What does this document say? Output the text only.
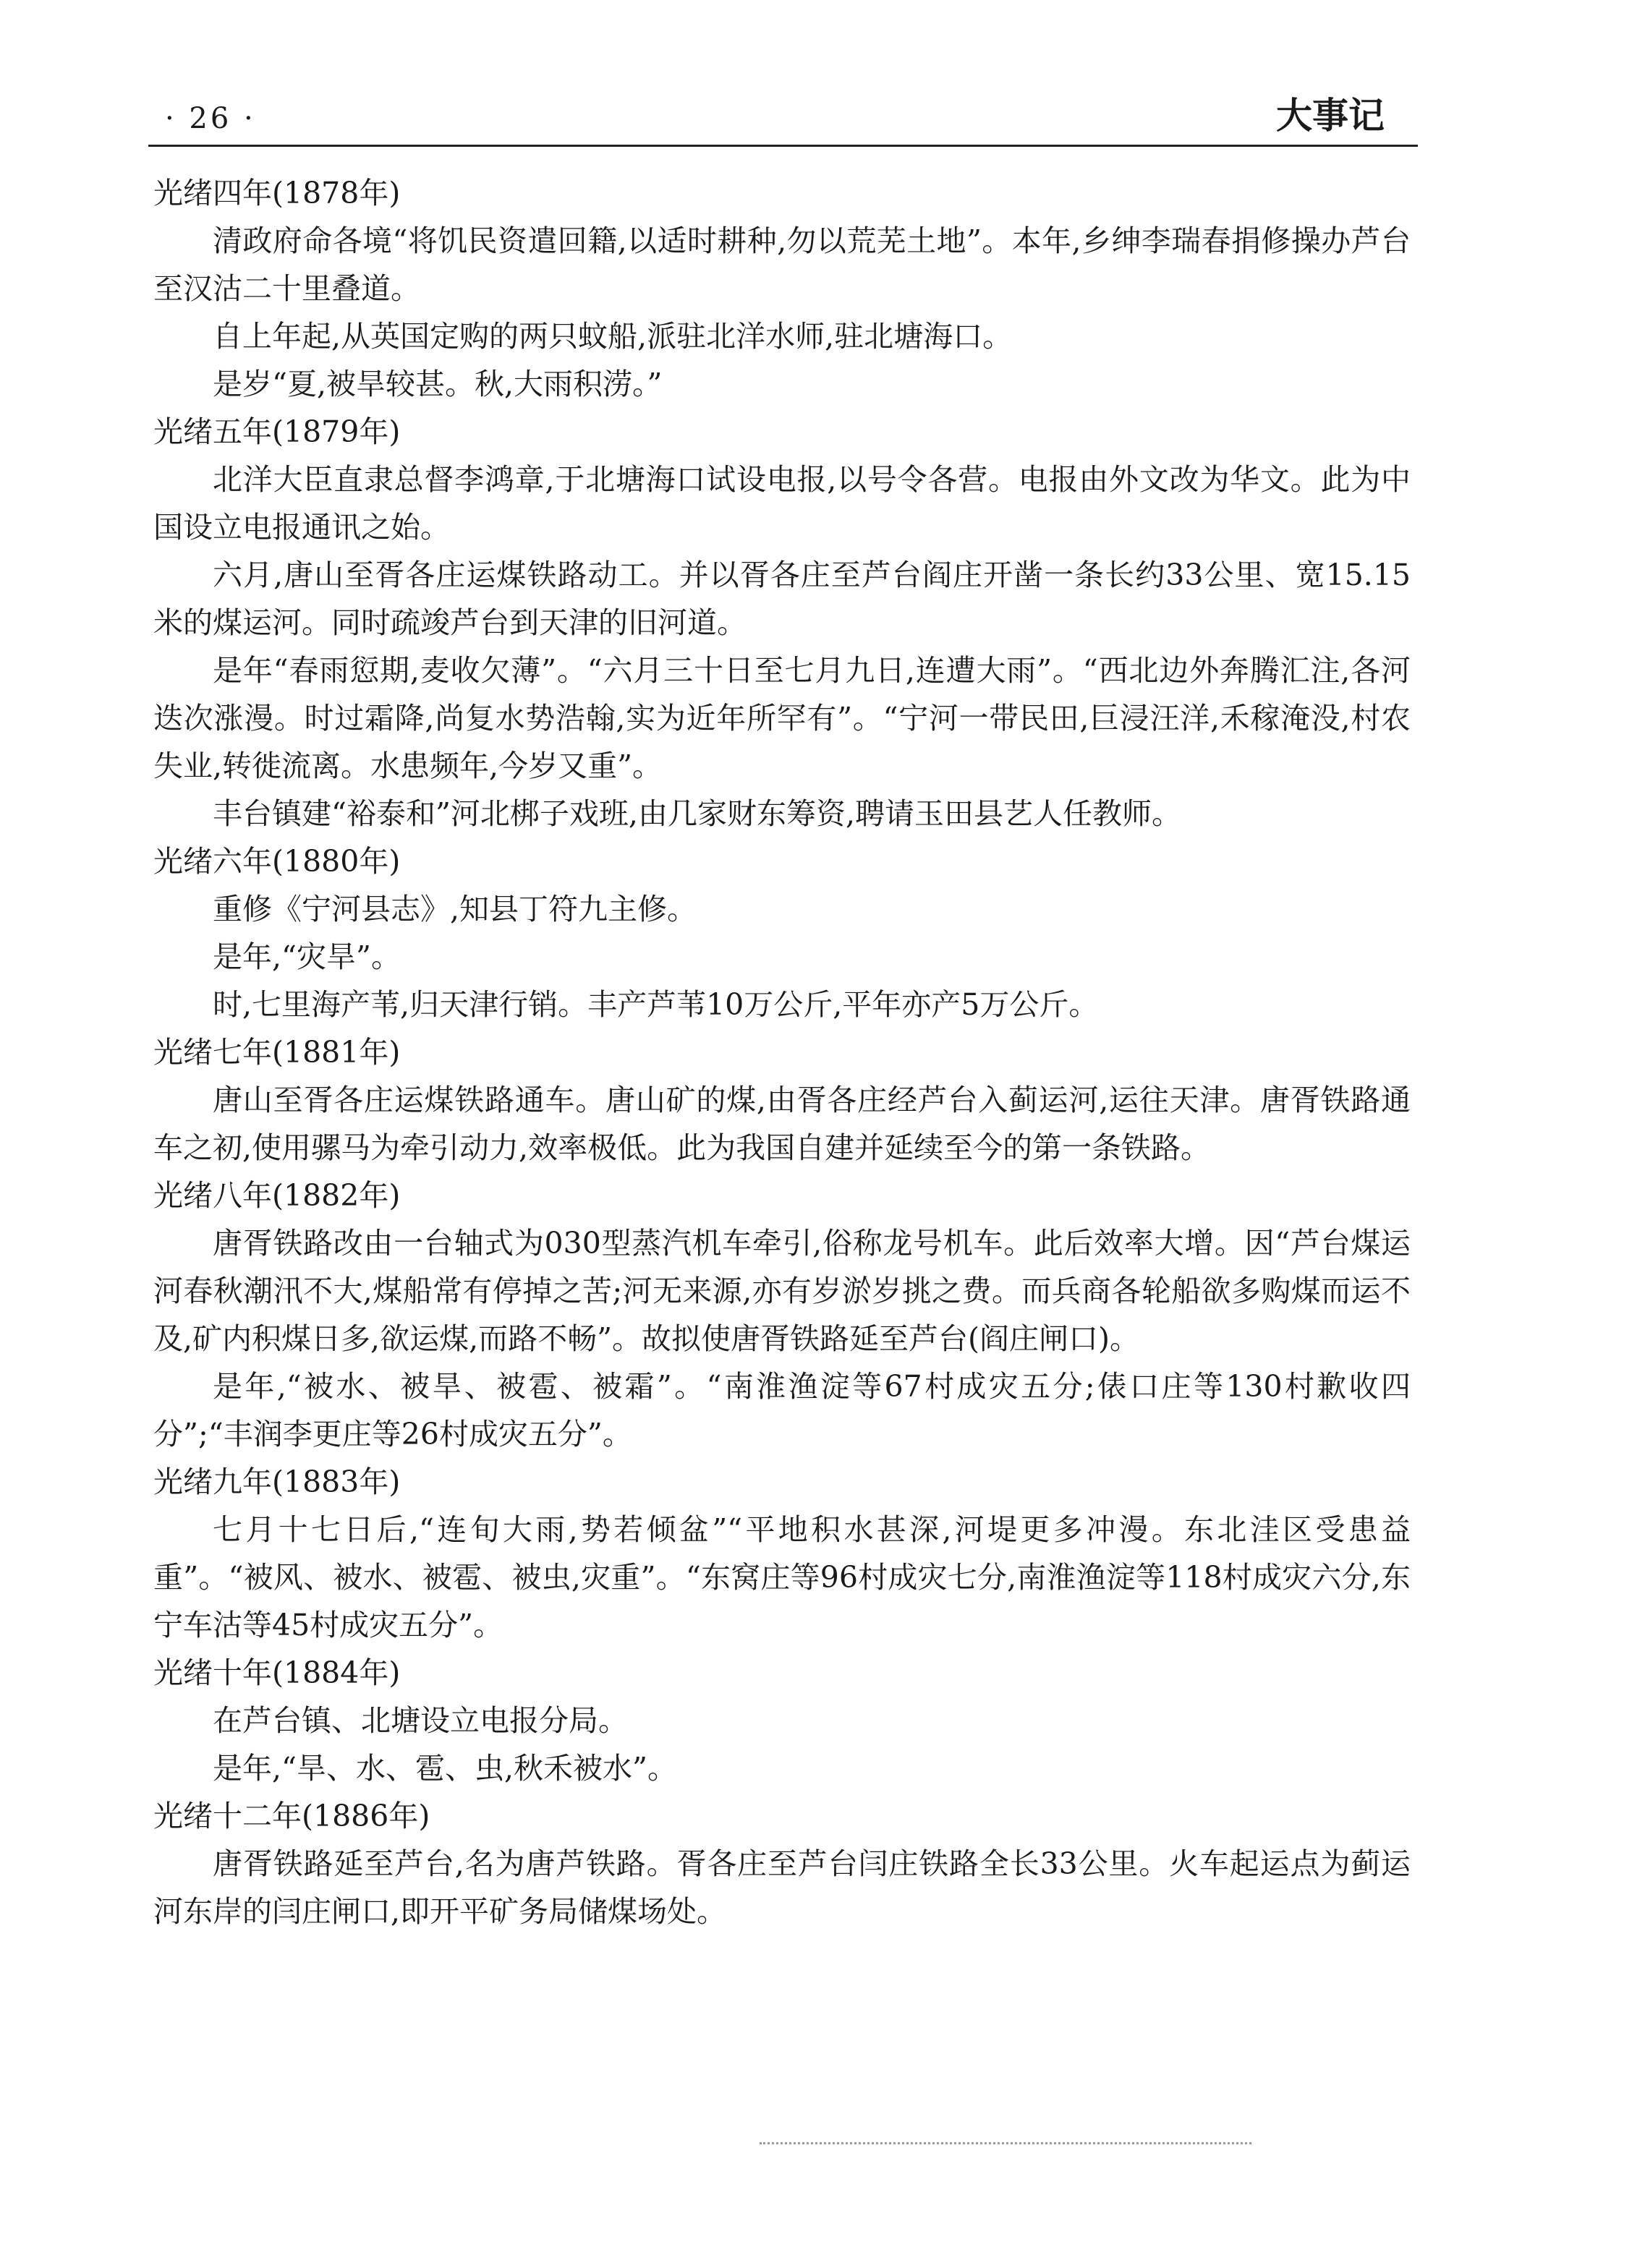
· 26 ·	大事记

光绪四年(1878年)

清政府命各境“将饥民资遣回籍,以适时耕种,勿以荒芜土地”。本年,乡绅李瑞春捐修操办芦台至汉沽二十里叠道。

自上年起,从英国定购的两只蚊船,派驻北洋水师,驻北塘海口。

是岁“夏,被旱较甚。秋,大雨积涝。”

光绪五年(1879年)

北洋大臣直隶总督李鸿章,于北塘海口试设电报,以号令各营。电报由外文改为华文。此为中国设立电报通讯之始。

六月,唐山至胥各庄运煤铁路动工。并以胥各庄至芦台阎庄开凿一条长约33公里、宽15.15米的煤运河。同时疏竣芦台到天津的旧河道。

是年“春雨愆期,麦收欠薄”。“六月三十日至七月九日,连遭大雨”。“西北边外奔腾汇注,各河迭次涨漫。时过霜降,尚复水势浩翰,实为近年所罕有”。“宁河一带民田,巨浸汪洋,禾稼淹没,村农失业,转徙流离。水患频年,今岁又重”。

丰台镇建“裕泰和”河北梆子戏班,由几家财东筹资,聘请玉田县艺人任教师。

光绪六年(1880年)

重修《宁河县志》,知县丁符九主修。

是年,“灾旱”。

时,七里海产苇,归天津行销。丰产芦苇10万公斤,平年亦产5万公斤。

光绪七年(1881年)

唐山至胥各庄运煤铁路通车。唐山矿的煤,由胥各庄经芦台入蓟运河,运往天津。唐胥铁路通车之初,使用骡马为牵引动力,效率极低。此为我国自建并延续至今的第一条铁路。

光绪八年(1882年)

唐胥铁路改由一台轴式为030型蒸汽机车牵引,俗称龙号机车。此后效率大增。因“芦台煤运河春秋潮汛不大,煤船常有停掉之苦;河无来源,亦有岁淤岁挑之费。而兵商各轮船欲多购煤而运不及,矿内积煤日多,欲运煤,而路不畅”。故拟使唐胥铁路延至芦台(阎庄闸口)。

是年,“被水、被旱、被雹、被霜”。“南淮渔淀等67村成灾五分;俵口庄等130村歉收四分”;“丰润李更庄等26村成灾五分”。

光绪九年(1883年)

七月十七日后,“连旬大雨,势若倾盆”“平地积水甚深,河堤更多冲漫。东北洼区受患益重”。“被风、被水、被雹、被虫,灾重”。“东窝庄等96村成灾七分,南淮渔淀等118村成灾六分,东宁车沽等45村成灾五分”。

光绪十年(1884年)

在芦台镇、北塘设立电报分局。

是年,“旱、水、雹、虫,秋禾被水”。

光绪十二年(1886年)

唐胥铁路延至芦台,名为唐芦铁路。胥各庄至芦台闫庄铁路全长33公里。火车起运点为蓟运河东岸的闫庄闸口,即开平矿务局储煤场处。
